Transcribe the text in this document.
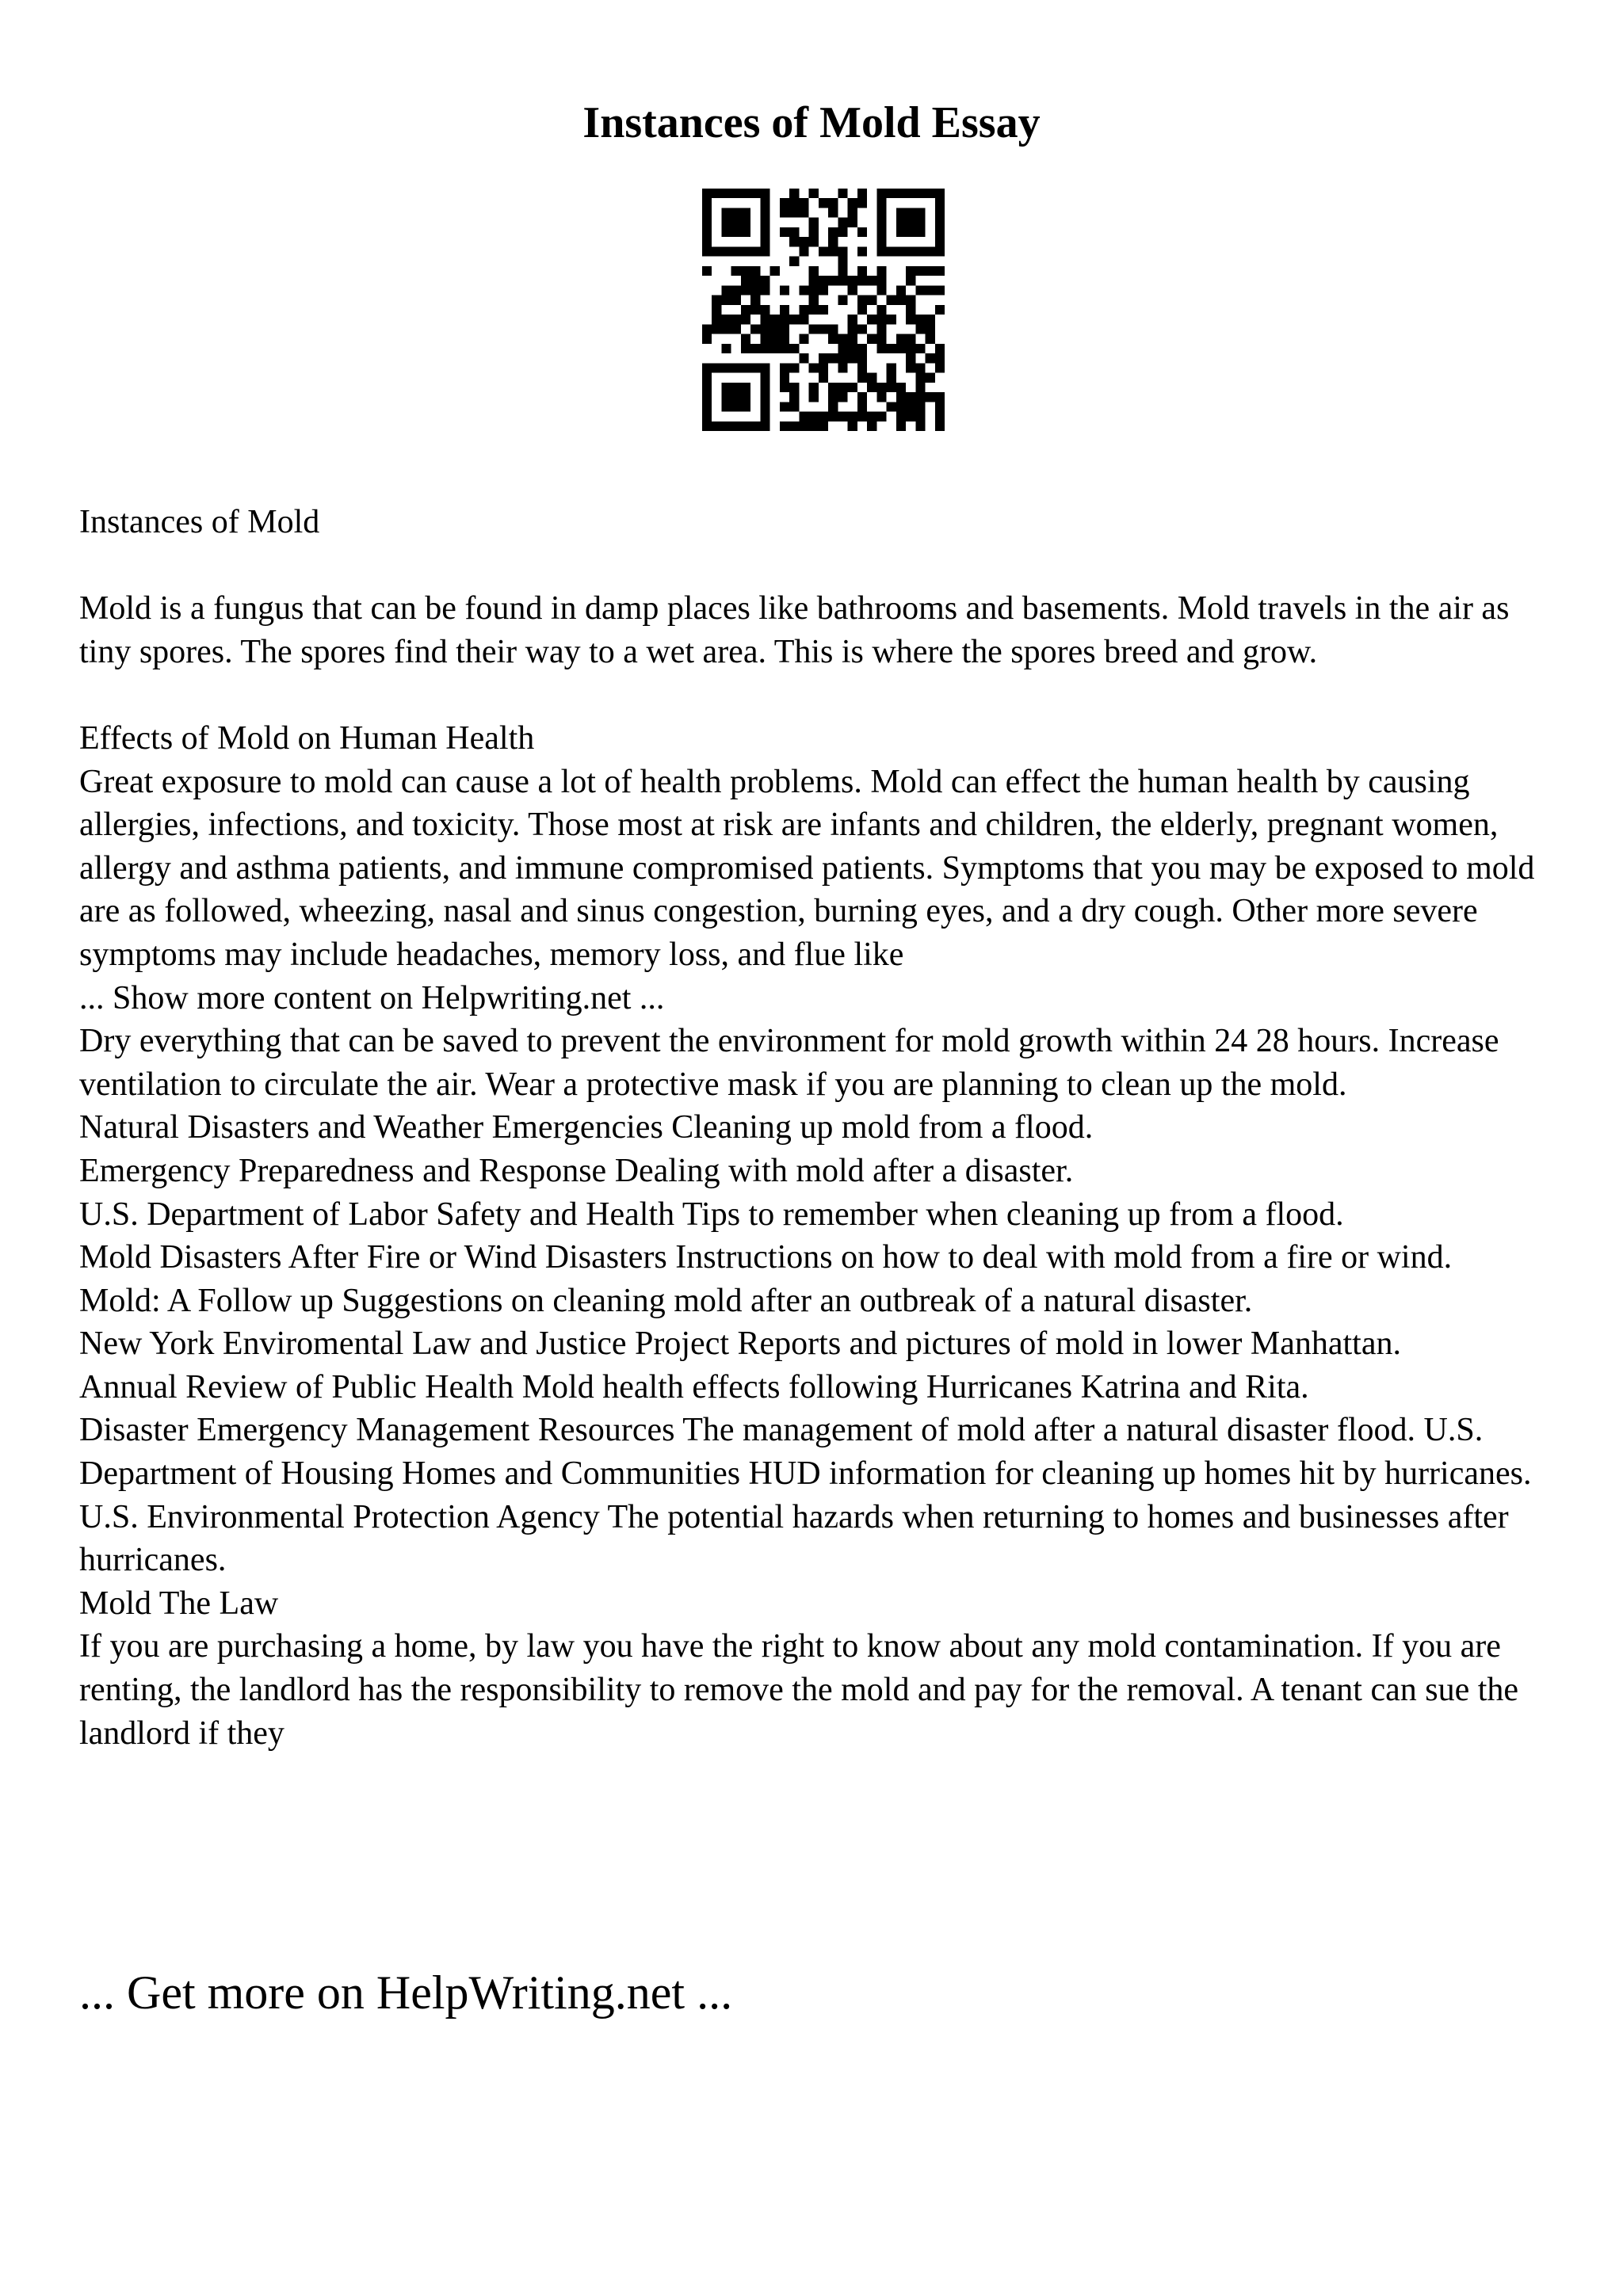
Instances of Mold Essay

Instances of Mold

Mold is a fungus that can be found in damp places like bathrooms and basements. Mold travels in the air as tiny spores. The spores find their way to a wet area. This is where the spores breed and grow.

Effects of Mold on Human Health

Great exposure to mold can cause a lot of health problems. Mold can effect the human health by causing allergies, infections, and toxicity. Those most at risk are infants and children, the elderly, pregnant women, allergy and asthma patients, and immune compromised patients. Symptoms that you may be exposed to mold are as followed, wheezing, nasal and sinus congestion, burning eyes, and a dry cough. Other more severe symptoms may include headaches, memory loss, and flue like

... Show more content on Helpwriting.net ...

Dry everything that can be saved to prevent the environment for mold growth within 24 28 hours. Increase ventilation to circulate the air. Wear a protective mask if you are planning to clean up the mold.

Natural Disasters and Weather Emergencies Cleaning up mold from a flood.

Emergency Preparedness and Response Dealing with mold after a disaster.

U.S. Department of Labor Safety and Health Tips to remember when cleaning up from a flood.

Mold Disasters After Fire or Wind Disasters Instructions on how to deal with mold from a fire or wind.

Mold: A Follow up Suggestions on cleaning mold after an outbreak of a natural disaster.

New York Enviromental Law and Justice Project Reports and pictures of mold in lower Manhattan.

Annual Review of Public Health Mold health effects following Hurricanes Katrina and Rita.

Disaster Emergency Management Resources The management of mold after a natural disaster flood. U.S. Department of Housing Homes and Communities HUD information for cleaning up homes hit by hurricanes.

U.S. Environmental Protection Agency The potential hazards when returning to homes and businesses after hurricanes.

Mold The Law

If you are purchasing a home, by law you have the right to know about any mold contamination. If you are renting, the landlord has the responsibility to remove the mold and pay for the removal. A tenant can sue the landlord if they

... Get more on HelpWriting.net ...
